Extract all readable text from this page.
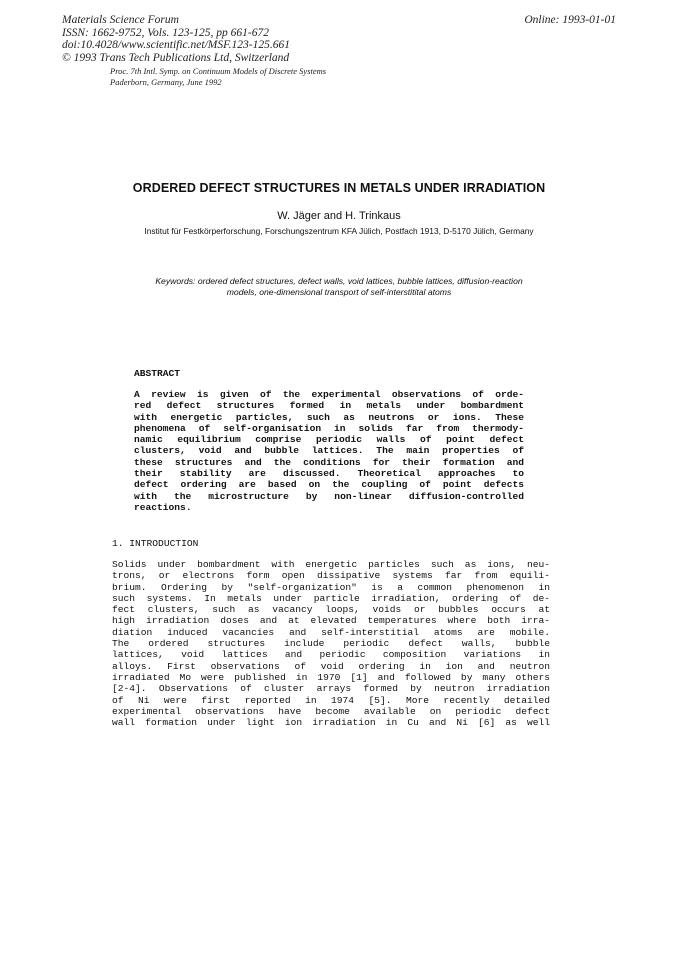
Materials Science Forum
ISSN: 1662-9752, Vols. 123-125, pp 661-672
doi:10.4028/www.scientific.net/MSF.123-125.661
© 1993 Trans Tech Publications Ltd, Switzerland
Online: 1993-01-01
Proc. 7th Intl. Symp. on Continuum Models of Discrete Systems
Paderborn, Germany, June 1992
ORDERED DEFECT STRUCTURES IN METALS UNDER IRRADIATION
W. Jäger and H. Trinkaus
Institut für Festkörperforschung, Forschungszentrum KFA Jülich, Postfach 1913, D-5170 Jülich, Germany
Keywords: ordered defect structures, defect walls, void lattices, bubble lattices, diffusion-reaction
models, one-dimensional transport of self-interstitital atoms
ABSTRACT
A review is given of the experimental observations of orde-
red defect structures formed in metals under bombardment
with energetic particles, such as neutrons or ions. These
phenomena of self-organisation in solids far from thermody-
namic equilibrium comprise periodic walls of point defect
clusters, void and bubble lattices. The main properties of
these structures and the conditions for their formation and
their stability are discussed. Theoretical approaches to
defect ordering are based on the coupling of point defects
with the microstructure by non-linear diffusion-controlled
reactions.
1. INTRODUCTION
Solids under bombardment with energetic particles such as ions, neu-
trons, or electrons form open dissipative systems far from equili-
brium. Ordering by "self-organization" is a common phenomenon in
such systems. In metals under particle irradiation, ordering of de-
fect clusters, such as vacancy loops, voids or bubbles occurs at
high irradiation doses and at elevated temperatures where both irra-
diation induced vacancies and self-interstitial atoms are mobile.
The ordered structures include periodic defect walls, bubble
lattices, void lattices and periodic composition variations in
alloys. First observations of void ordering in ion and neutron
irradiated Mo were published in 1970 [1] and followed by many others
[2-4]. Observations of cluster arrays formed by neutron irradiation
of Ni were first reported in 1974 [5]. More recently detailed
experimental observations have become available on periodic defect
wall formation under light ion irradiation in Cu and Ni [6] as well
